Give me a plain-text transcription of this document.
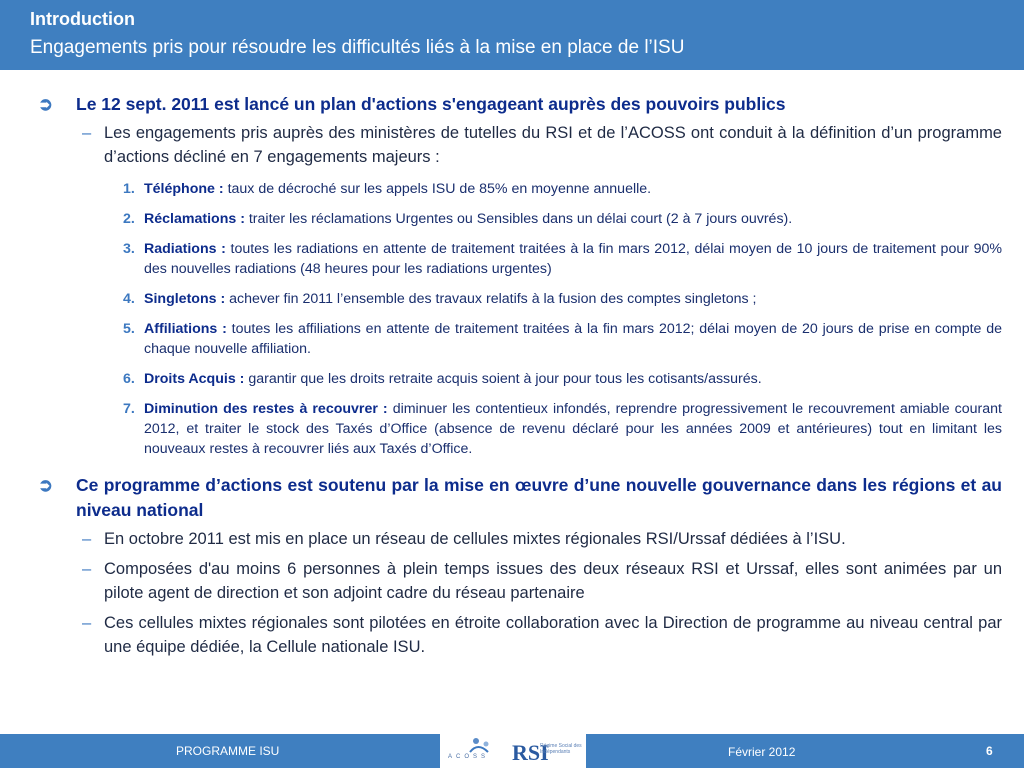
Introduction
Engagements pris pour résoudre les difficultés liés à la mise en place de l’ISU
➲ Le 12 sept. 2011 est lancé un plan d'actions s'engageant auprès des pouvoirs publics
– Les engagements pris auprès des ministères de tutelles du RSI et de l’ACOSS ont conduit à la définition d’un programme d’actions décliné en 7 engagements majeurs :
1. Téléphone : taux de décroché sur les appels ISU de 85% en moyenne annuelle.
2. Réclamations : traiter les réclamations Urgentes ou Sensibles dans un délai court (2 à 7 jours ouvrés).
3. Radiations : toutes les radiations en attente de traitement traitées à la fin mars 2012, délai moyen de 10 jours de traitement pour 90% des nouvelles radiations (48 heures pour les radiations urgentes)
4. Singletons : achever fin 2011 l’ensemble des travaux relatifs à la fusion des comptes singletons ;
5. Affiliations : toutes les affiliations en attente de traitement traitées à la fin mars 2012; délai moyen de 20 jours de prise en compte de chaque nouvelle affiliation.
6. Droits Acquis : garantir que les droits retraite acquis soient à jour pour tous les cotisants/assurés.
7. Diminution des restes à recouvrer : diminuer les contentieux infondés, reprendre progressivement le recouvrement amiable courant 2012, et traiter le stock des Taxés d’Office (absence de revenu déclaré pour les années 2009 et antérieures) tout en limitant les nouveaux restes à recouvrer liés aux Taxés d’Office.
➲ Ce programme d’actions est soutenu par la mise en œuvre d’une nouvelle gouvernance dans les régions et au niveau national
– En octobre 2011 est mis en place un réseau de cellules mixtes régionales RSI/Urssaf dédiées à l’ISU.
– Composées d'au moins 6 personnes à plein temps issues des deux réseaux RSI et Urssaf, elles sont animées par un pilote agent de direction et son adjoint cadre du réseau partenaire
– Ces cellules mixtes régionales sont pilotées en étroite collaboration avec la Direction de programme au niveau central par une équipe dédiée, la Cellule nationale ISU.
PROGRAMME ISU	ACOSS RSI
Régime Social des Indépendants	Février 2012	6
